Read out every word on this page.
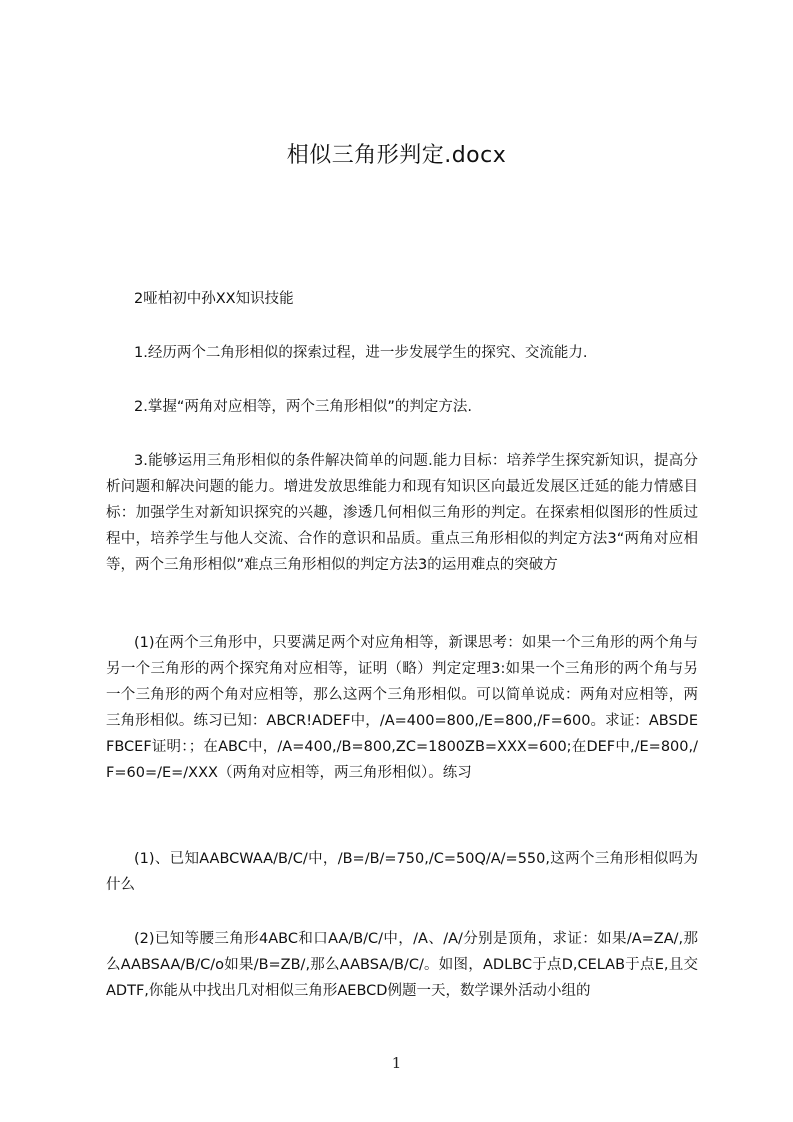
相似三角形判定.docx
2哑柏初中孙XX知识技能
1.经历两个二角形相似的探索过程，进一步发展学生的探究、交流能力.
2.掌握“两角对应相等，两个三角形相似”的判定方法.
3.能够运用三角形相似的条件解决简单的问题.能力目标：培养学生探究新知识，提高分析问题和解决问题的能力。增进发放思维能力和现有知识区向最近发展区迁延的能力情感目标：加强学生对新知识探究的兴趣，渗透几何相似三角形的判定。在探索相似图形的性质过程中，培养学生与他人交流、合作的意识和品质。重点三角形相似的判定方法3“两角对应相等，两个三角形相似”难点三角形相似的判定方法3的运用难点的突破方
(1)在两个三角形中，只要满足两个对应角相等，新课思考：如果一个三角形的两个角与另一个三角形的两个探究角对应相等，证明（略）判定定理3:如果一个三角形的两个角与另一个三角形的两个角对应相等，那么这两个三角形相似。可以简单说成：两角对应相等，两三角形相似。练习已知：ABCR!ADEF中，/A=400=800,/E=800,/F=600。求证：ABSDEFBCEF证明：；在ABC中，/A=400,/B=800,ZC=1800ZB=XXX=600;在DEF中,/E=800,/F=60=/E=/XXX（两角对应相等，两三角形相似）。练习
(1)、已知AABCWAA/B/C/中，/B=/B/=750,/C=50Q/A/=550,这两个三角形相似吗为什么
(2)已知等腰三角形4ABC和口AA/B/C/中，/A、/A/分别是顶角，求证：如果/A=ZA/,那么AABSAA/B/C/o如果/B=ZB/,那么AABSA/B/C/。如图，ADLBC于点D,CELAB于点E,且交ADTF,你能从中找出几对相似三角形AEBCD例题一天，数学课外活动小组的
1
